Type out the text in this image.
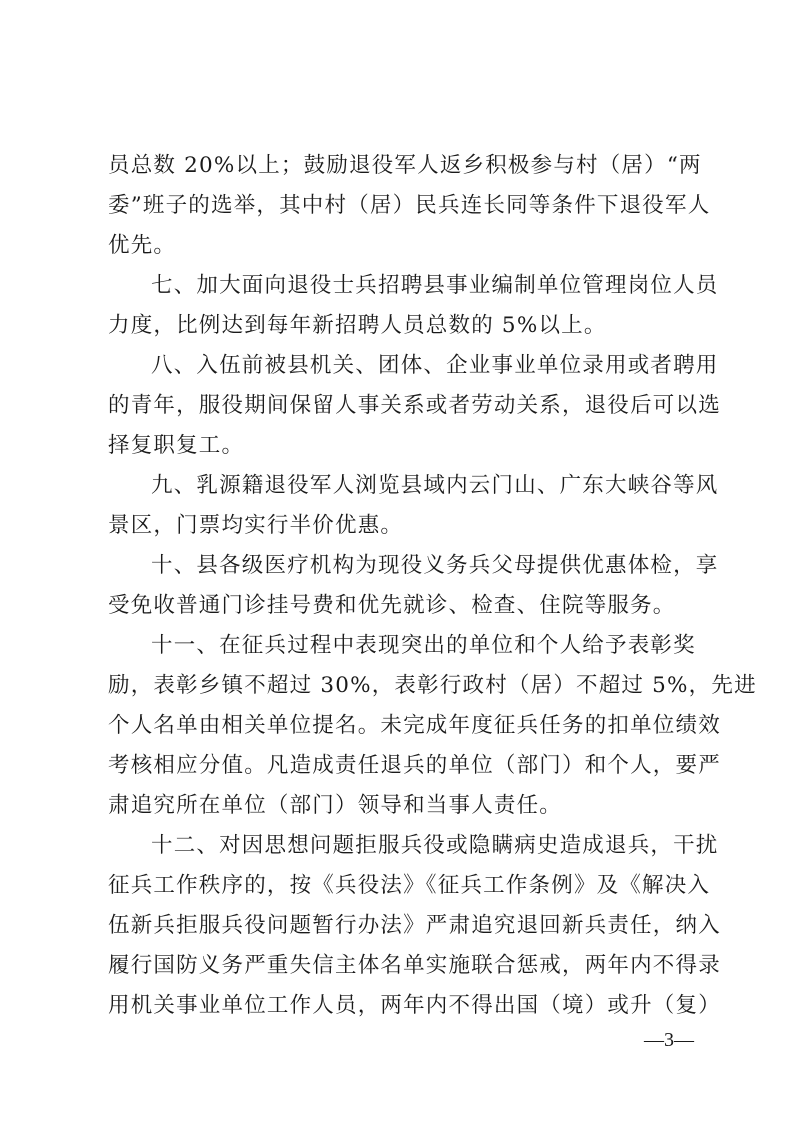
员总数 20%以上；鼓励退役军人返乡积极参与村（居）“两
委”班子的选举，其中村（居）民兵连长同等条件下退役军人
优先。
七、加大面向退役士兵招聘县事业编制单位管理岗位人员
力度，比例达到每年新招聘人员总数的 5%以上。
八、入伍前被县机关、团体、企业事业单位录用或者聘用
的青年，服役期间保留人事关系或者劳动关系，退役后可以选
择复职复工。
九、乳源籍退役军人浏览县域内云门山、广东大峡谷等风
景区，门票均实行半价优惠。
十、县各级医疗机构为现役义务兵父母提供优惠体检，享
受免收普通门诊挂号费和优先就诊、检查、住院等服务。
十一、在征兵过程中表现突出的单位和个人给予表彰奖
励，表彰乡镇不超过 30%，表彰行政村（居）不超过 5%，先进
个人名单由相关单位提名。未完成年度征兵任务的扣单位绩效
考核相应分值。凡造成责任退兵的单位（部门）和个人，要严
肃追究所在单位（部门）领导和当事人责任。
十二、对因思想问题拒服兵役或隐瞒病史造成退兵，干扰
征兵工作秩序的，按《兵役法》《征兵工作条例》及《解决入
伍新兵拒服兵役问题暂行办法》严肃追究退回新兵责任，纳入
履行国防义务严重失信主体名单实施联合惩戒，两年内不得录
用机关事业单位工作人员，两年内不得出国（境）或升（复）
—3—
